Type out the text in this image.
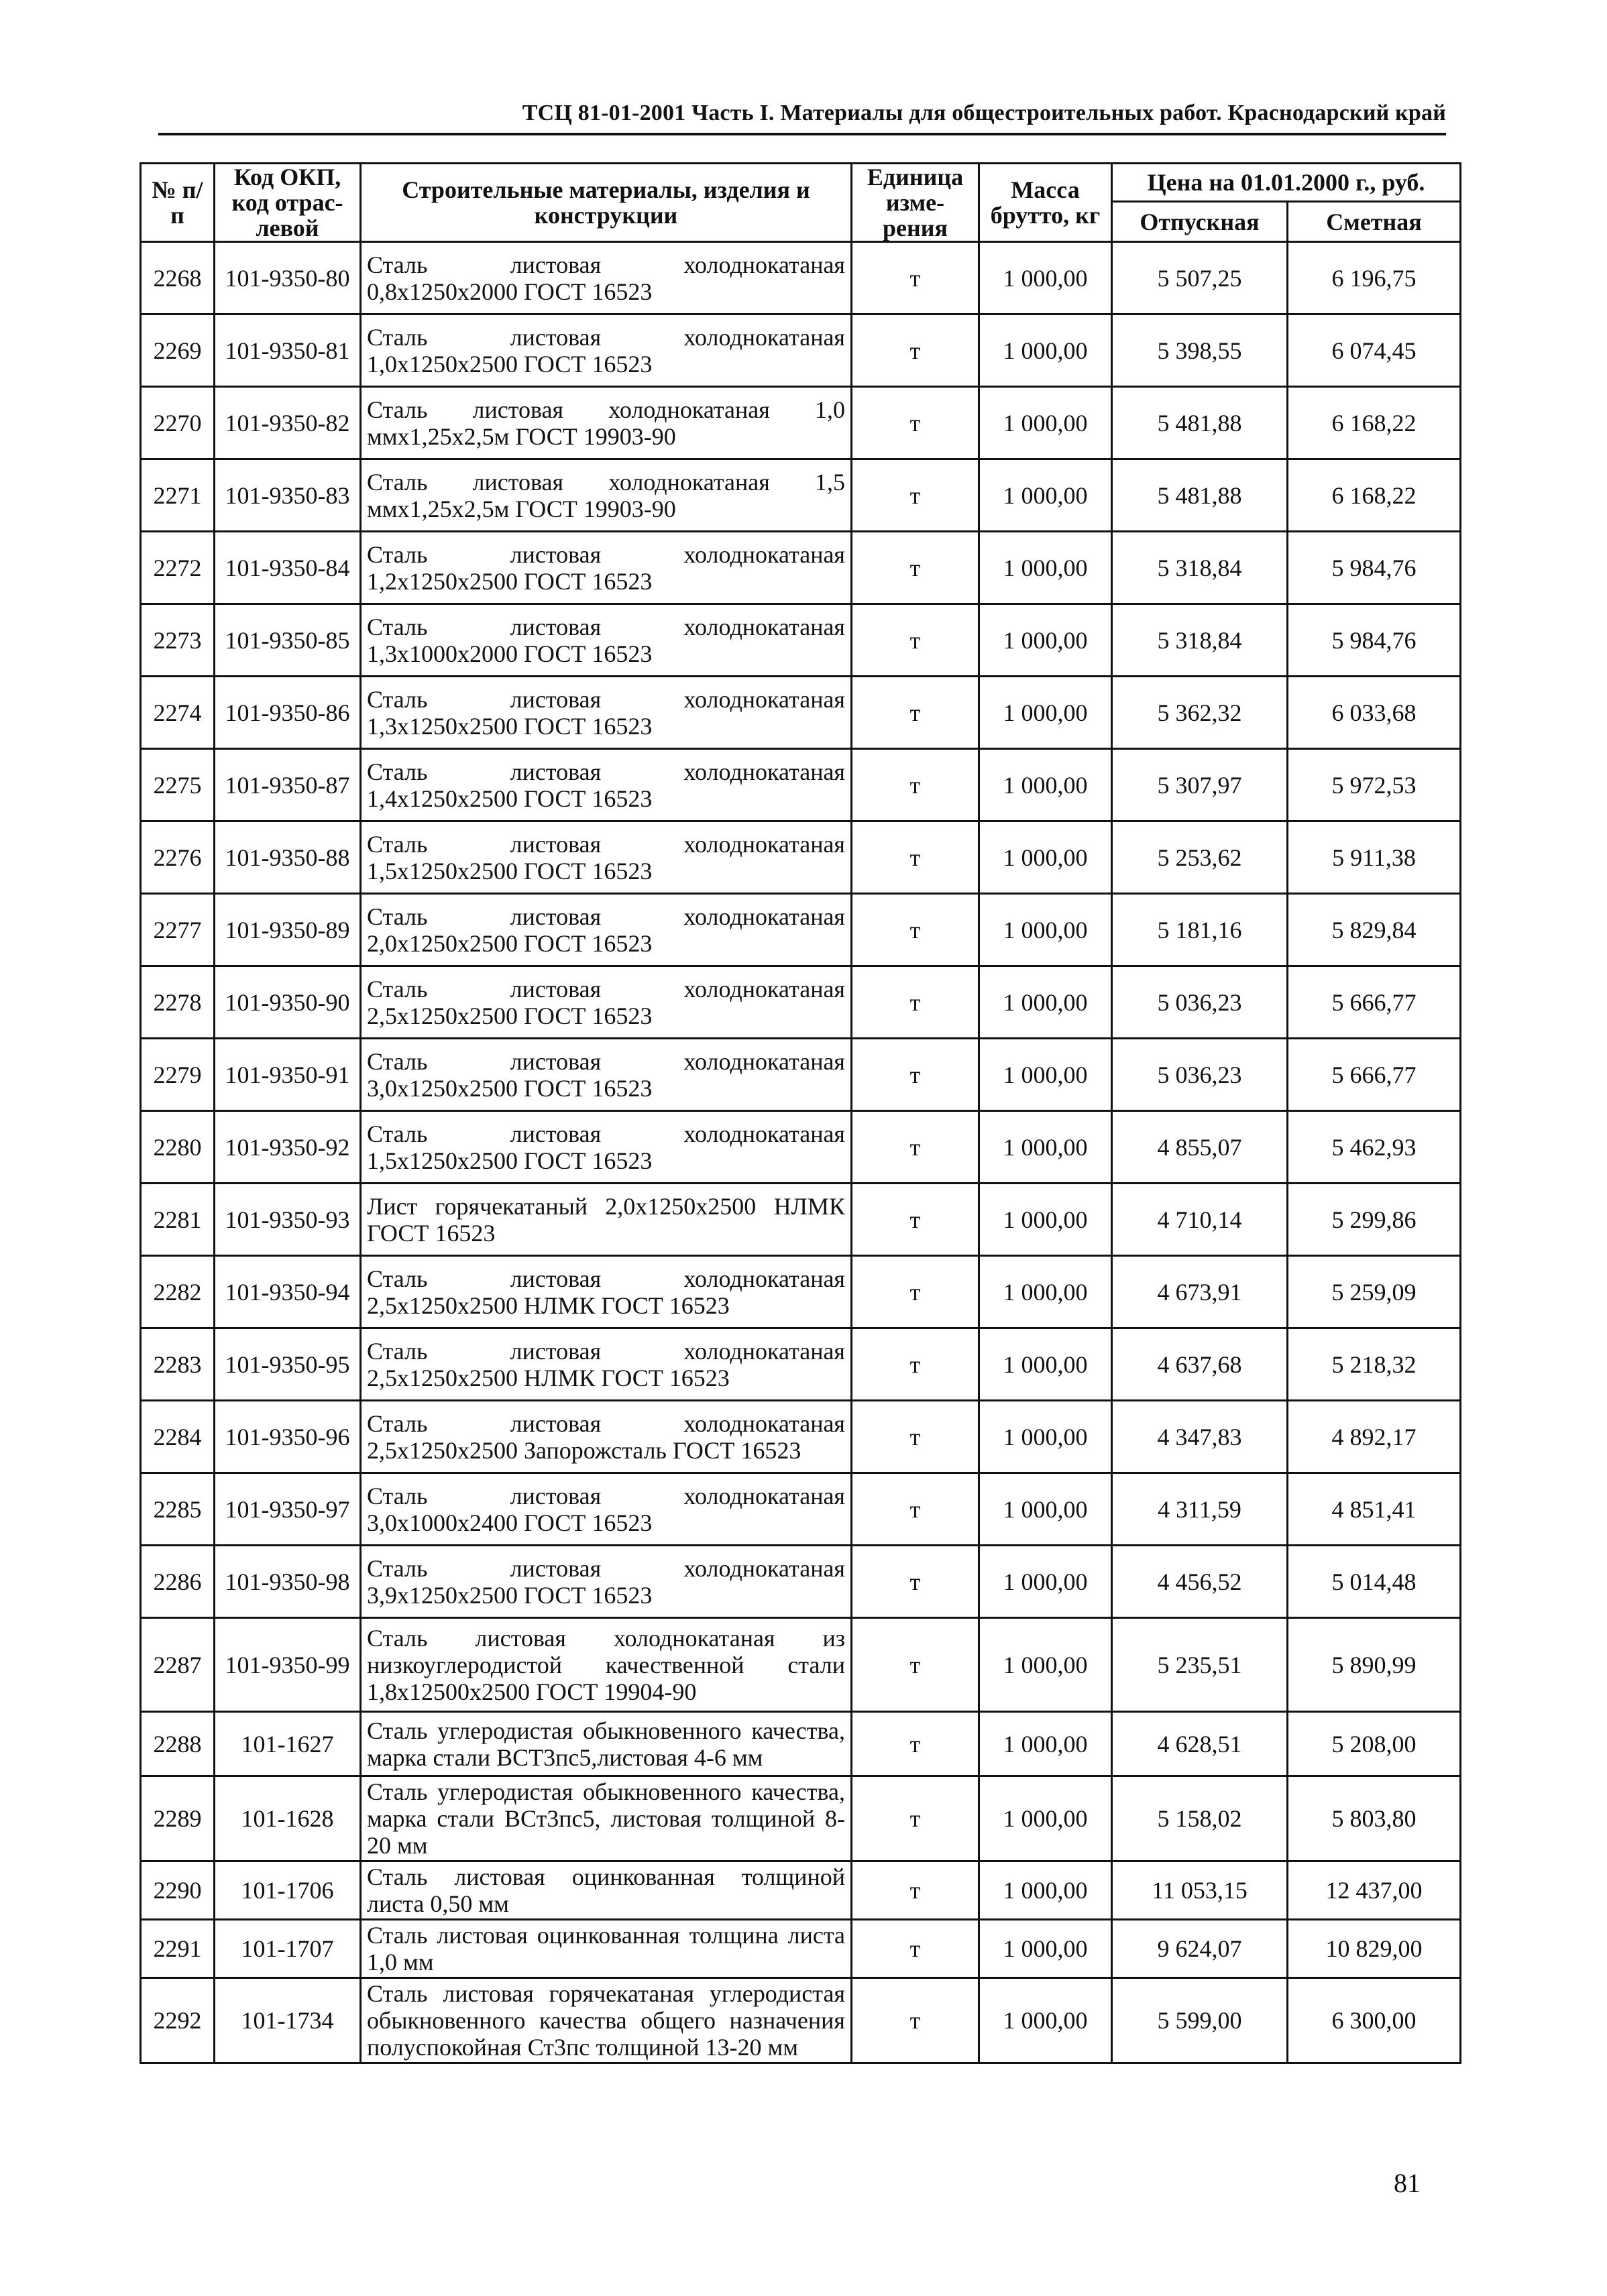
ТСЦ 81-01-2001 Часть I. Материалы для общестроительных работ. Краснодарский край
№ п/п	Код ОКП, код отрас-левой	Строительные материалы, изделия и конструкции	Единица изме-рения	Масса брутто, кг	Цена на 01.01.2000 г., руб.	
					Отпускная	Сметная
2268	101-9350-80	Сталь листовая холоднокатаная 0,8x1250x2000 ГОСТ 16523	т	1 000,00	5 507,25	6 196,75
2269	101-9350-81	Сталь листовая холоднокатаная 1,0x1250x2500 ГОСТ 16523	т	1 000,00	5 398,55	6 074,45
2270	101-9350-82	Сталь листовая холоднокатаная 1,0 ммx1,25x2,5м ГОСТ 19903-90	т	1 000,00	5 481,88	6 168,22
2271	101-9350-83	Сталь листовая холоднокатаная 1,5 ммx1,25x2,5м ГОСТ 19903-90	т	1 000,00	5 481,88	6 168,22
2272	101-9350-84	Сталь листовая холоднокатаная 1,2x1250x2500 ГОСТ 16523	т	1 000,00	5 318,84	5 984,76
2273	101-9350-85	Сталь листовая холоднокатаная 1,3x1000x2000 ГОСТ 16523	т	1 000,00	5 318,84	5 984,76
2274	101-9350-86	Сталь листовая холоднокатаная 1,3x1250x2500 ГОСТ 16523	т	1 000,00	5 362,32	6 033,68
2275	101-9350-87	Сталь листовая холоднокатаная 1,4x1250x2500 ГОСТ 16523	т	1 000,00	5 307,97	5 972,53
2276	101-9350-88	Сталь листовая холоднокатаная 1,5x1250x2500 ГОСТ 16523	т	1 000,00	5 253,62	5 911,38
2277	101-9350-89	Сталь листовая холоднокатаная 2,0x1250x2500 ГОСТ 16523	т	1 000,00	5 181,16	5 829,84
2278	101-9350-90	Сталь листовая холоднокатаная 2,5x1250x2500 ГОСТ 16523	т	1 000,00	5 036,23	5 666,77
2279	101-9350-91	Сталь листовая холоднокатаная 3,0x1250x2500 ГОСТ 16523	т	1 000,00	5 036,23	5 666,77
2280	101-9350-92	Сталь листовая холоднокатаная 1,5x1250x2500 ГОСТ 16523	т	1 000,00	4 855,07	5 462,93
2281	101-9350-93	Лист горячекатаный 2,0x1250x2500 НЛМК ГОСТ 16523	т	1 000,00	4 710,14	5 299,86
2282	101-9350-94	Сталь листовая холоднокатаная 2,5x1250x2500 НЛМК ГОСТ 16523	т	1 000,00	4 673,91	5 259,09
2283	101-9350-95	Сталь листовая холоднокатаная 2,5x1250x2500 НЛМК ГОСТ 16523	т	1 000,00	4 637,68	5 218,32
2284	101-9350-96	Сталь листовая холоднокатаная 2,5x1250x2500 Запорожсталь ГОСТ 16523	т	1 000,00	4 347,83	4 892,17
2285	101-9350-97	Сталь листовая холоднокатаная 3,0x1000x2400 ГОСТ 16523	т	1 000,00	4 311,59	4 851,41
2286	101-9350-98	Сталь листовая холоднокатаная 3,9x1250x2500 ГОСТ 16523	т	1 000,00	4 456,52	5 014,48
2287	101-9350-99	Сталь листовая холоднокатаная из низкоуглеродистой качественной стали 1,8x12500x2500 ГОСТ 19904-90	т	1 000,00	5 235,51	5 890,99
2288	101-1627	Сталь углеродистая обыкновенного качества, марка стали ВСТ3пс5,листовая 4-6 мм	т	1 000,00	4 628,51	5 208,00
2289	101-1628	Сталь углеродистая обыкновенного качества, марка стали ВСт3пс5, листовая толщиной 8-20 мм	т	1 000,00	5 158,02	5 803,80
2290	101-1706	Сталь листовая оцинкованная толщиной листа 0,50 мм	т	1 000,00	11 053,15	12 437,00
2291	101-1707	Сталь листовая оцинкованная толщина листа 1,0 мм	т	1 000,00	9 624,07	10 829,00
2292	101-1734	Сталь листовая горячекатаная углеродистая обыкновенного качества общего назначения полуспокойная Ст3пс толщиной 13-20 мм	т	1 000,00	5 599,00	6 300,00
81
